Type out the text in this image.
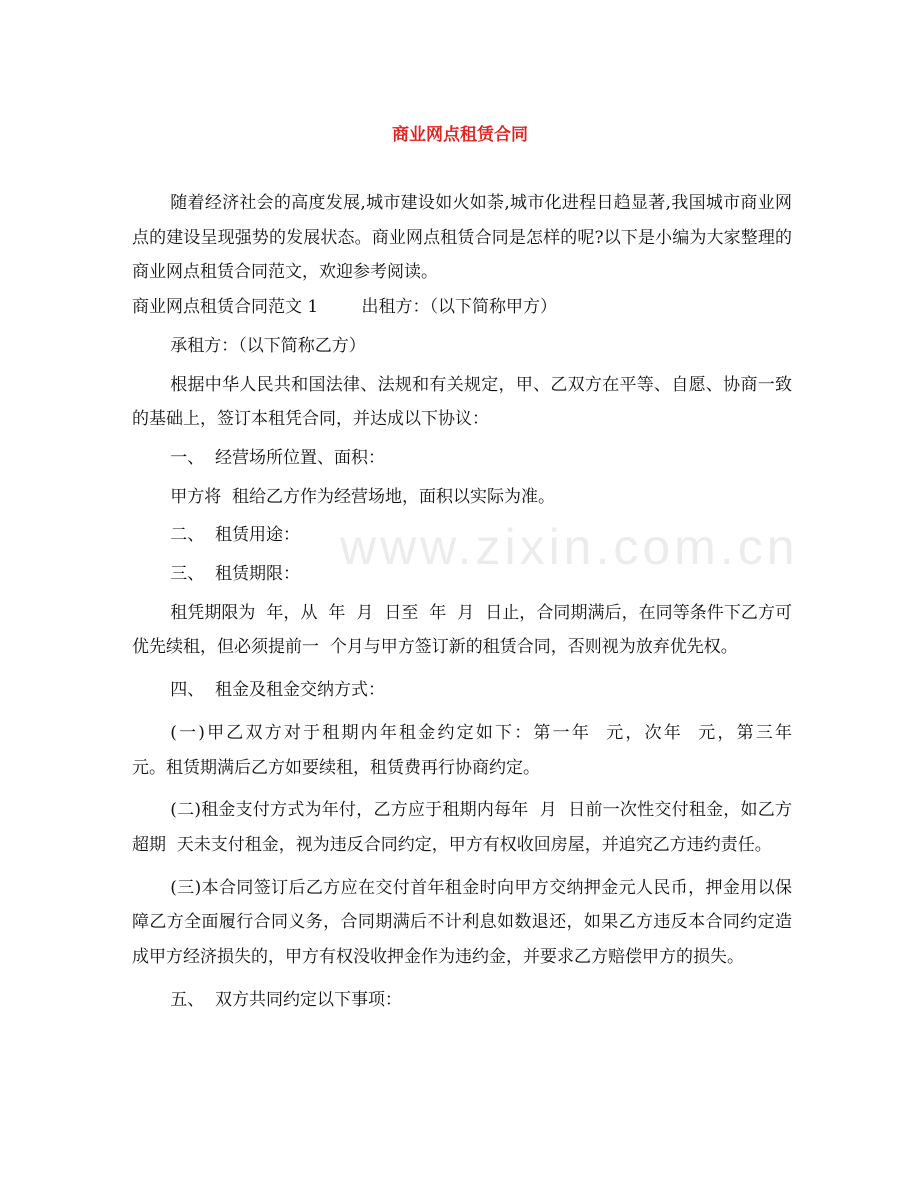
www.zixin.com.cn
商业网点租赁合同

随着经济社会的高度发展,城市建设如火如荼,城市化进程日趋显著,我国城市商业网点的建设呈现强势的发展状态。商业网点租赁合同是怎样的呢?以下是小编为大家整理的商业网点租赁合同范文，欢迎参考阅读。

商业网点租赁合同范文 1        出租方：（以下简称甲方）

承租方：（以下简称乙方）

根据中华人民共和国法律、法规和有关规定，甲、乙双方在平等、自愿、协商一致的基础上，签订本租凭合同，并达成以下协议：

一、  经营场所位置、面积：

甲方将  租给乙方作为经营场地，面积以实际为准。

二、  租赁用途：

三、  租赁期限：

租凭期限为  年，从  年  月  日至  年  月  日止，合同期满后，在同等条件下乙方可优先续租，但必须提前一  个月与甲方签订新的租赁合同，否则视为放弃优先权。

四、  租金及租金交纳方式：

(一)甲乙双方对于租期内年租金约定如下：第一年  元，次年  元，第三年        元。租赁期满后乙方如要续租，租赁费再行协商约定。

(二)租金支付方式为年付，乙方应于租期内每年  月  日前一次性交付租金，如乙方超期  天未支付租金，视为违反合同约定，甲方有权收回房屋，并追究乙方违约责任。

(三)本合同签订后乙方应在交付首年租金时向甲方交纳押金元人民币，押金用以保障乙方全面履行合同义务，合同期满后不计利息如数退还，如果乙方违反本合同约定造成甲方经济损失的，甲方有权没收押金作为违约金，并要求乙方赔偿甲方的损失。

五、  双方共同约定以下事项：
